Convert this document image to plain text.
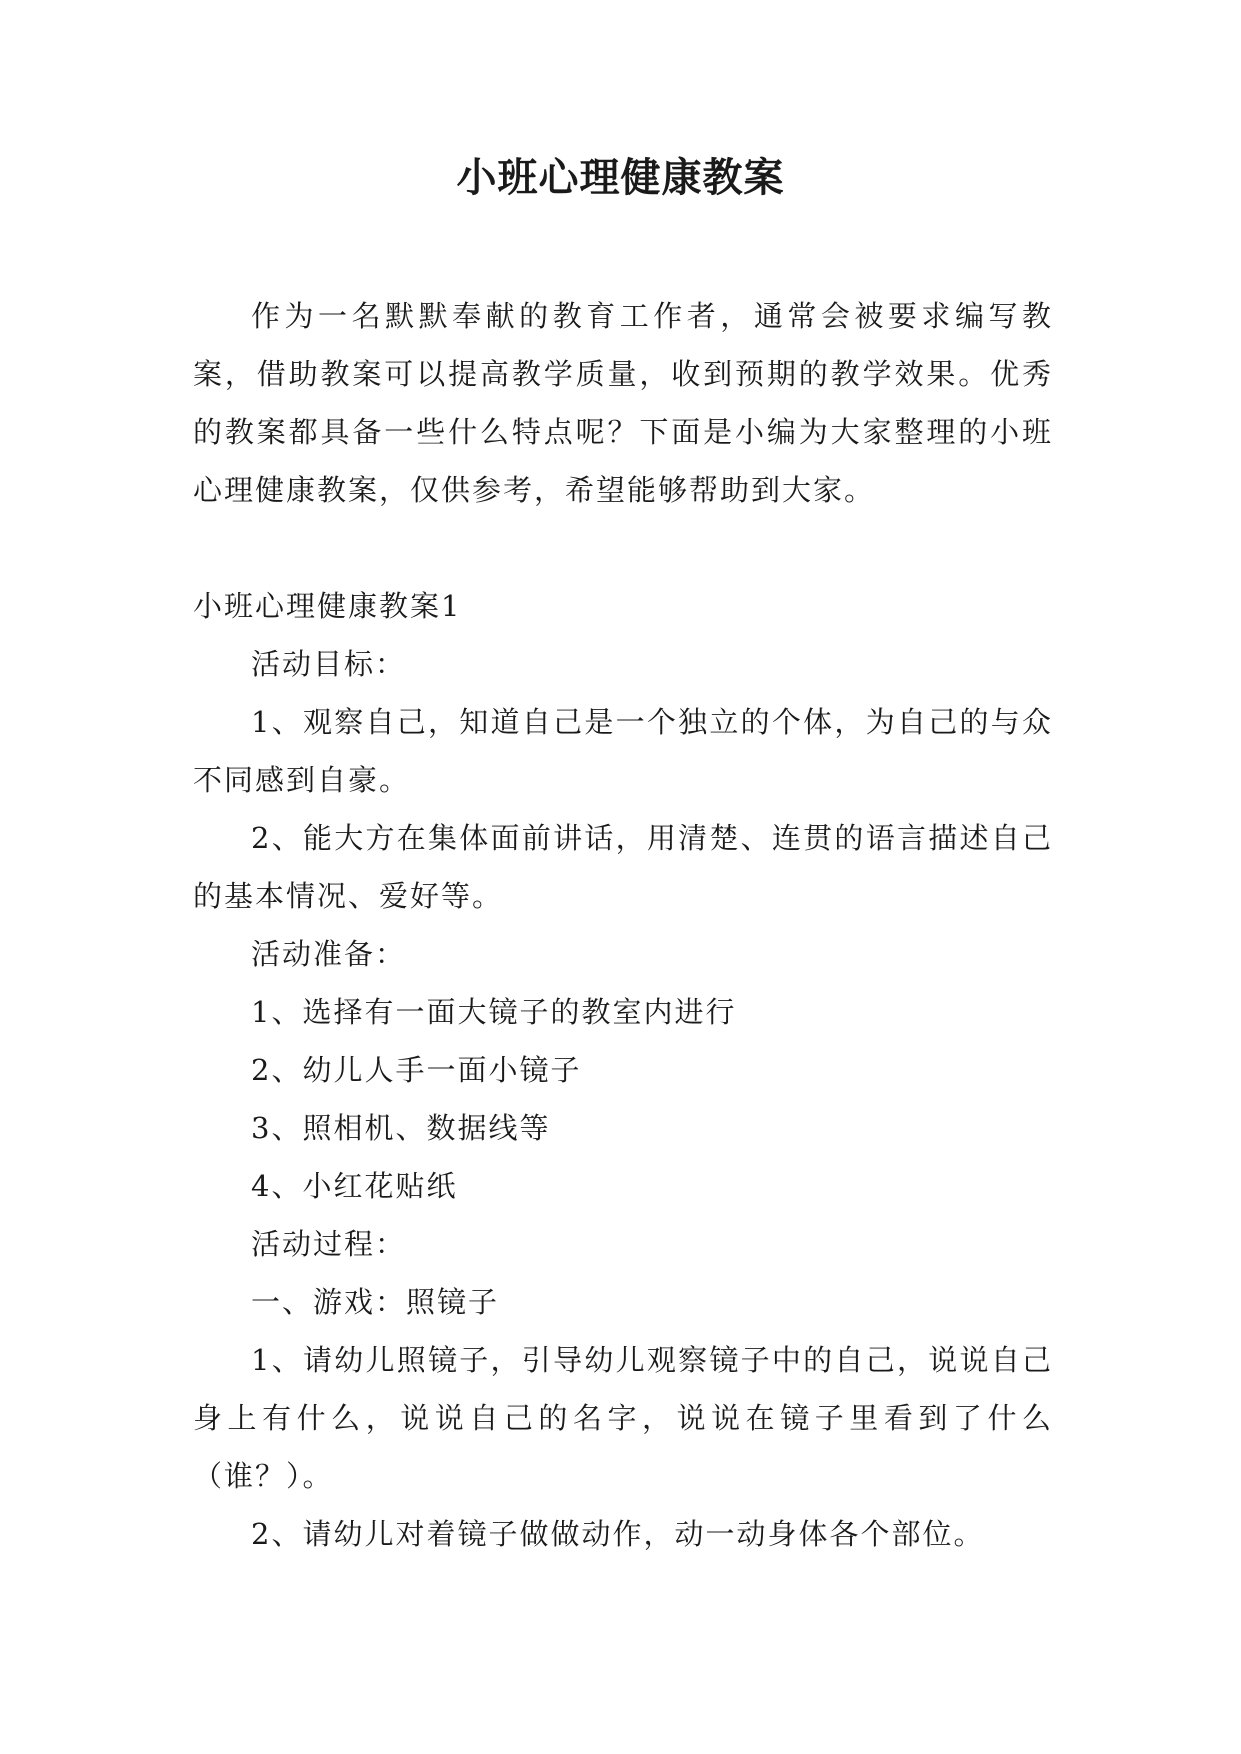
小班心理健康教案

作为一名默默奉献的教育工作者，通常会被要求编写教案，借助教案可以提高教学质量，收到预期的教学效果。优秀的教案都具备一些什么特点呢？下面是小编为大家整理的小班心理健康教案，仅供参考，希望能够帮助到大家。

小班心理健康教案1

活动目标：

1、观察自己，知道自己是一个独立的个体，为自己的与众不同感到自豪。

2、能大方在集体面前讲话，用清楚、连贯的语言描述自己的基本情况、爱好等。

活动准备：

1、选择有一面大镜子的教室内进行

2、幼儿人手一面小镜子

3、照相机、数据线等

4、小红花贴纸

活动过程：

一、游戏：照镜子

1、请幼儿照镜子，引导幼儿观察镜子中的自己，说说自己身上有什么，说说自己的名字，说说在镜子里看到了什么（谁？）。

2、请幼儿对着镜子做做动作，动一动身体各个部位。
